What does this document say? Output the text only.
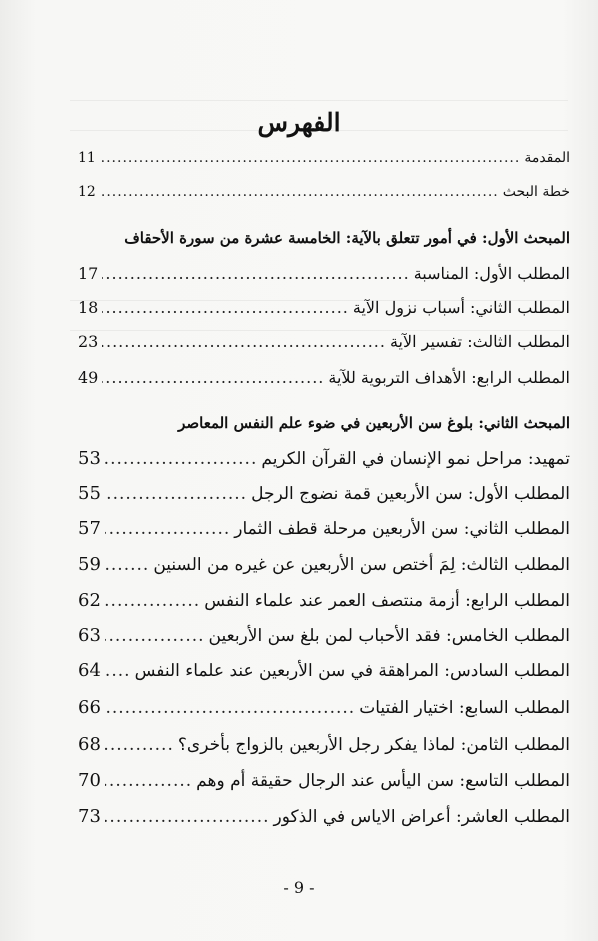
الفهرس
المقدمة
.....
11
خطة البحث
.....
12
المبحث الأول: في أمور تتعلق بالآية: الخامسة عشرة من سورة الأحقاف
المطلب الأول: المناسبة
.....
17
المطلب الثاني: أسباب نزول الآية
.....
18
المطلب الثالث: تفسير الآية
.....
23
المطلب الرابع: الأهداف التربوية للآية
.....
49
المبحث الثاني: بلوغ سن الأربعين في ضوء علم النفس المعاصر
تمهيد: مراحل نمو الإنسان في القرآن الكريم
.....
53
المطلب الأول: سن الأربعين قمة نضوج الرجل
.....
55
المطلب الثاني: سن الأربعين مرحلة قطف الثمار
.....
57
المطلب الثالث: لِمَ أختص سن الأربعين عن غيره من السنين
.....
59
المطلب الرابع: أزمة منتصف العمر عند علماء النفس
.....
62
المطلب الخامس: فقد الأحباب لمن بلغ سن الأربعين
.....
63
المطلب السادس: المراهقة في سن الأربعين عند علماء النفس
.....
64
المطلب السابع: اختيار الفتيات
.....
66
المطلب الثامن: لماذا يفكر رجل الأربعين بالزواج بأخرى؟
.....
68
المطلب التاسع: سن اليأس عند الرجال حقيقة أم وهم
.....
70
المطلب العاشر: أعراض الاياس في الذكور
.....
73
- 9 -
